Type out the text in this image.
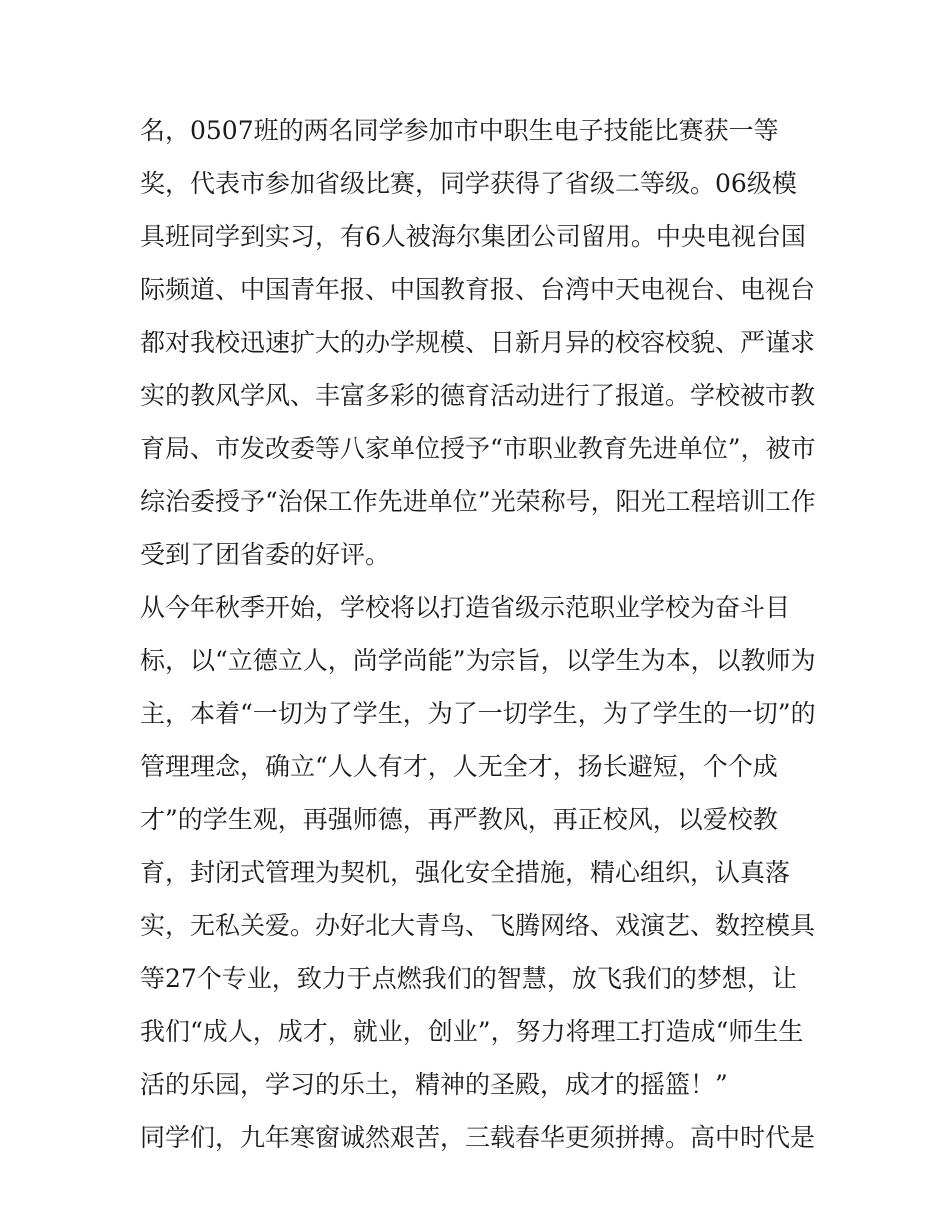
名，0507班的两名同学参加市中职生电子技能比赛获一等
奖，代表市参加省级比赛，同学获得了省级二等级。06级模
具班同学到实习，有6人被海尔集团公司留用。中央电视台国
际频道、中国青年报、中国教育报、台湾中天电视台、电视台
都对我校迅速扩大的办学规模、日新月异的校容校貌、严谨求
实的教风学风、丰富多彩的德育活动进行了报道。学校被市教
育局、市发改委等八家单位授予“市职业教育先进单位”，被市
综治委授予“治保工作先进单位”光荣称号，阳光工程培训工作
受到了团省委的好评。
从今年秋季开始，学校将以打造省级示范职业学校为奋斗目
标，以“立德立人，尚学尚能”为宗旨，以学生为本，以教师为
主，本着“一切为了学生，为了一切学生，为了学生的一切”的
管理理念，确立“人人有才，人无全才，扬长避短，个个成
才”的学生观，再强师德，再严教风，再正校风，以爱校教
育，封闭式管理为契机，强化安全措施，精心组织，认真落
实，无私关爱。办好北大青鸟、飞腾网络、戏演艺、数控模具
等27个专业，致力于点燃我们的智慧，放飞我们的梦想，让
我们“成人，成才，就业，创业”，努力将理工打造成“师生生
活的乐园，学习的乐土，精神的圣殿，成才的摇篮！”
同学们，九年寒窗诚然艰苦，三载春华更须拼搏。高中时代是
